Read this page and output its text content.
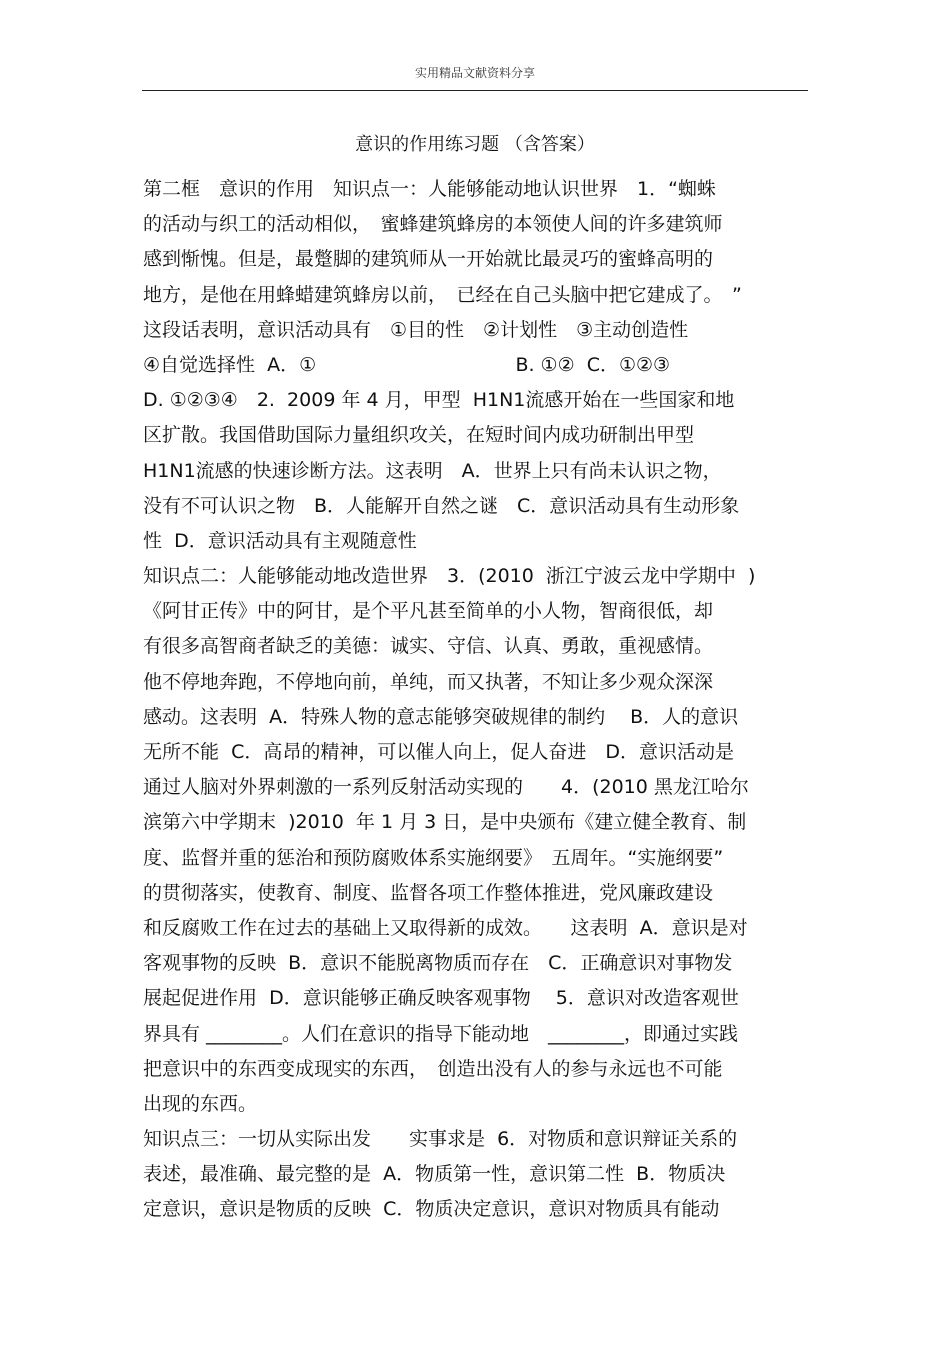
实用精品文献资料分享
意识的作用练习题 （含答案）
第二框　意识的作用　知识点一：人能够能动地认识世界　1．“蜘蛛
的活动与织工的活动相似，　蜜蜂建筑蜂房的本领使人间的许多建筑师
感到惭愧。但是，最蹩脚的建筑师从一开始就比最灵巧的蜜蜂高明的
地方，是他在用蜂蜡建筑蜂房以前，　已经在自己头脑中把它建成了。　”
这段话表明，意识活动具有　①目的性　②计划性　③主动创造性
④自觉选择性  A．①                                 B. ①②  C．①②③
D. ①②③④　2.  2009 年 4 月，甲型  H1N1流感开始在一些国家和地
区扩散。我国借助国际力量组织攻关，在短时间内成功研制出甲型
H1N1流感的快速诊断方法。这表明　A．世界上只有尚未认识之物，
没有不可认识之物　B．人能解开自然之谜　C．意识活动具有生动形象
性  D．意识活动具有主观随意性
知识点二：人能够能动地改造世界　3．(2010  浙江宁波云龙中学期中  )
《阿甘正传》中的阿甘，是个平凡甚至简单的小人物，智商很低，却
有很多高智商者缺乏的美德：诚实、守信、认真、勇敢，重视感情。
他不停地奔跑，不停地向前，单纯，而又执著，不知让多少观众深深
感动。这表明  A．特殊人物的意志能够突破规律的制约　 B．人的意识
无所不能  C．高昂的精神，可以催人向上，促人奋进　D．意识活动是
通过人脑对外界刺激的一系列反射活动实现的　　4．(2010 黑龙江哈尔
滨第六中学期末  )2010  年 1 月 3 日，是中央颁布《建立健全教育、制
度、监督并重的惩治和预防腐败体系实施纲要》　五周年。“实施纲要”
的贯彻落实，使教育、制度、监督各项工作整体推进，党风廉政建设
和反腐败工作在过去的基础上又取得新的成效。　　这表明  A．意识是对
客观事物的反映  B．意识不能脱离物质而存在　C．正确意识对事物发
展起促进作用  D．意识能够正确反映客观事物　 5．意识对改造客观世
界具有 ________。人们在意识的指导下能动地　________，即通过实践
把意识中的东西变成现实的东西，　创造出没有人的参与永远也不可能
出现的东西。
知识点三：一切从实际出发　　实事求是  6．对物质和意识辩证关系的
表述，最准确、最完整的是  A．物质第一性，意识第二性  B．物质决
定意识，意识是物质的反映  C．物质决定意识，意识对物质具有能动
